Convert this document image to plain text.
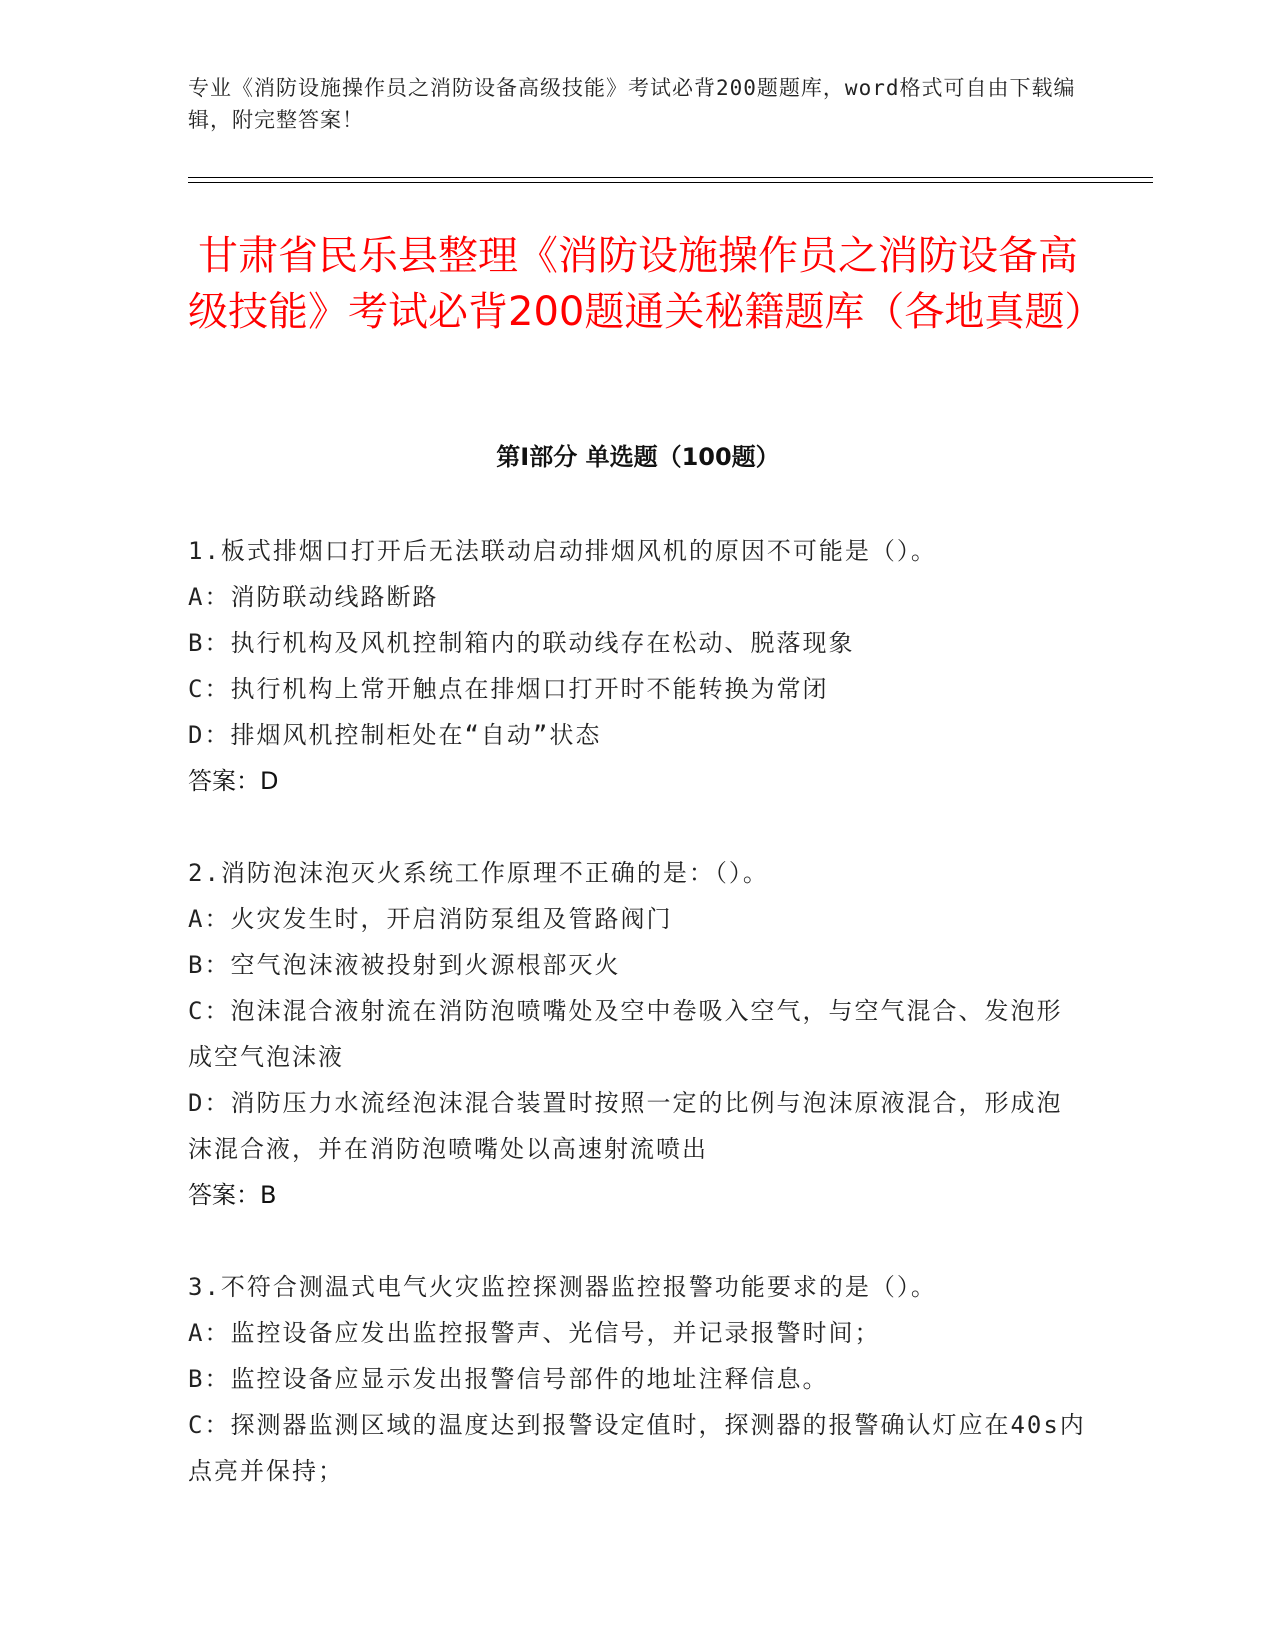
专业《消防设施操作员之消防设备高级技能》考试必背200题题库，word格式可自由下载编辑，附完整答案！
甘肃省民乐县整理《消防设施操作员之消防设备高级技能》考试必背200题通关秘籍题库（各地真题）
第I部分 单选题（100题）
1.板式排烟口打开后无法联动启动排烟风机的原因不可能是（）。
A：消防联动线路断路
B：执行机构及风机控制箱内的联动线存在松动、脱落现象
C：执行机构上常开触点在排烟口打开时不能转换为常闭
D：排烟风机控制柜处在“自动”状态
答案：D
2.消防泡沫泡灭火系统工作原理不正确的是：（）。
A：火灾发生时，开启消防泵组及管路阀门
B：空气泡沫液被投射到火源根部灭火
C：泡沫混合液射流在消防泡喷嘴处及空中卷吸入空气，与空气混合、发泡形成空气泡沫液
D：消防压力水流经泡沫混合装置时按照一定的比例与泡沫原液混合，形成泡沫混合液，并在消防泡喷嘴处以高速射流喷出
答案：B
3.不符合测温式电气火灾监控探测器监控报警功能要求的是（）。
A：监控设备应发出监控报警声、光信号，并记录报警时间；
B：监控设备应显示发出报警信号部件的地址注释信息。
C：探测器监测区域的温度达到报警设定值时，探测器的报警确认灯应在40s内点亮并保持；
